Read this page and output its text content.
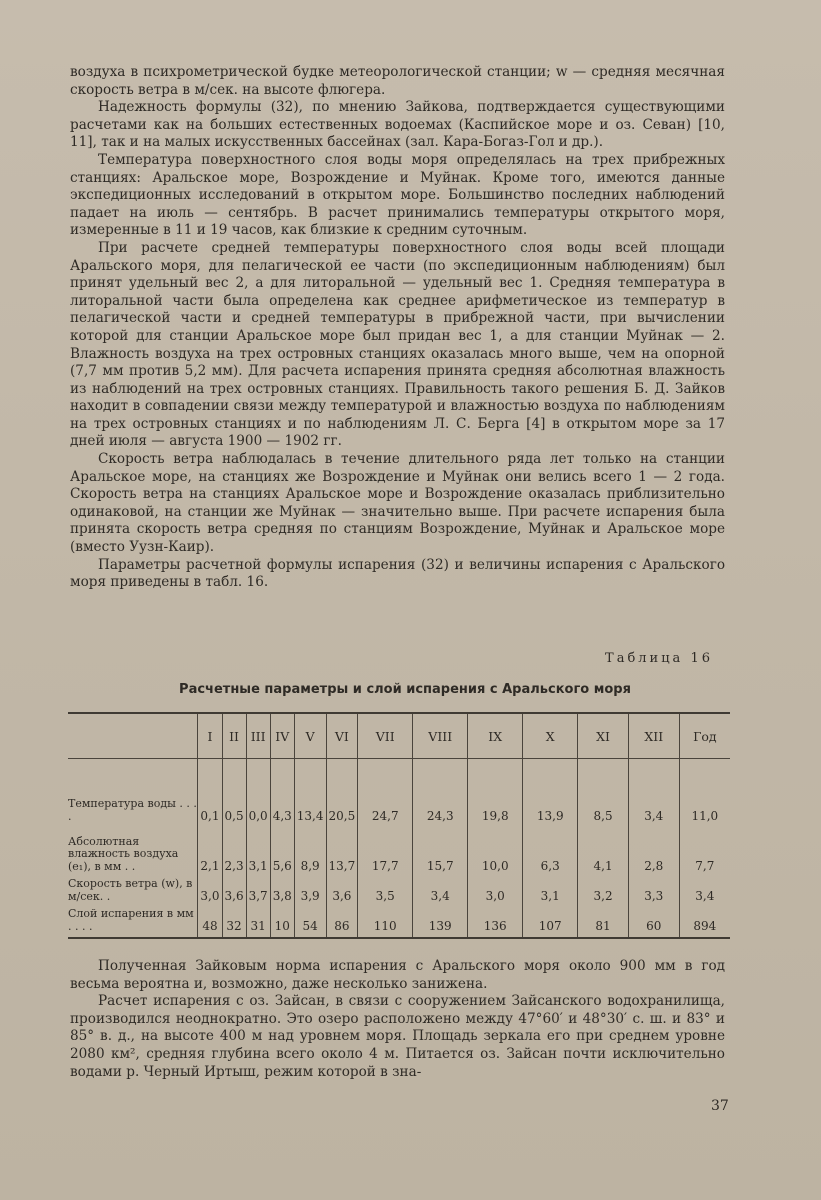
воздуха в психрометрической будке метеорологической станции; w — средняя месячная скорость ветра в м/сек. на высоте флюгера.

Надежность формулы (32), по мнению Зайкова, подтверждается существующими расчетами как на больших естественных водоемах (Каспийское море и оз. Севан) [10, 11], так и на малых искусственных бассейнах (зал. Кара-Богаз-Гол и др.).

Температура поверхностного слоя воды моря определялась на трех прибрежных станциях: Аральское море, Возрождение и Муйнак. Кроме того, имеются данные экспедиционных исследований в открытом море. Большинство последних наблюдений падает на июль — сентябрь. В расчет принимались температуры открытого моря, измеренные в 11 и 19 часов, как близкие к средним суточным.

При расчете средней температуры поверхностного слоя воды всей площади Аральского моря, для пелагической ее части (по экспедиционным наблюдениям) был принят удельный вес 2, а для литоральной — удельный вес 1. Средняя температура в литоральной части была определена как среднее арифметическое из температур в пелагической части и средней температуры в прибрежной части, при вычислении которой для станции Аральское море был придан вес 1, а для станции Муйнак — 2. Влажность воздуха на трех островных станциях оказалась много выше, чем на опорной (7,7 мм против 5,2 мм). Для расчета испарения принята средняя абсолютная влажность из наблюдений на трех островных станциях. Правильность такого решения Б. Д. Зайков находит в совпадении связи между температурой и влажностью воздуха по наблюдениям на трех островных станциях и по наблюдениям Л. С. Берга [4] в открытом море за 17 дней июля — августа 1900 — 1902 гг.

Скорость ветра наблюдалась в течение длительного ряда лет только на станции Аральское море, на станциях же Возрождение и Муйнак они велись всего 1 — 2 года. Скорость ветра на станциях Аральское море и Возрождение оказалась приблизительно одинаковой, на станции же Муйнак — значительно выше. При расчете испарения была принята скорость ветра средняя по станциям Возрождение, Муйнак и Аральское море (вместо Уузн-Каир).

Параметры расчетной формулы испарения (32) и величины испарения с Аральского моря приведены в табл. 16.

Таблица 16
Расчетные параметры и слой испарения с Аральского моря
	I	II	III	IV	V	VI	VII	VIII	IX	X	XI	XII	Год

Температура воды . . . .	0,1	0,5	0,0	4,3	13,4	20,5	24,7	24,3	19,8	13,9	8,5	3,4	11,0
Абсолютная влажность воздуха (e₁), в мм . .	2,1	2,3	3,1	5,6	8,9	13,7	17,7	15,7	10,0	6,3	4,1	2,8	7,7
Скорость ветра (w), в м/сек. .	3,0	3,6	3,7	3,8	3,9	3,6	3,5	3,4	3,0	3,1	3,2	3,3	3,4
Слой испарения в мм . . . .	48	32	31	10	54	86	110	139	136	107	81	60	894

Полученная Зайковым норма испарения с Аральского моря около 900 мм в год весьма вероятна и, возможно, даже несколько занижена.

Расчет испарения с оз. Зайсан, в связи с сооружением Зайсанского водохранилища, производился неоднократно. Это озеро расположено между 47°60′ и 48°30′ с. ш. и 83° и 85° в. д., на высоте 400 м над уровнем моря. Площадь зеркала его при среднем уровне 2080 км², средняя глубина всего около 4 м. Питается оз. Зайсан почти исключительно водами р. Черный Иртыш, режим которой в зна-

37
